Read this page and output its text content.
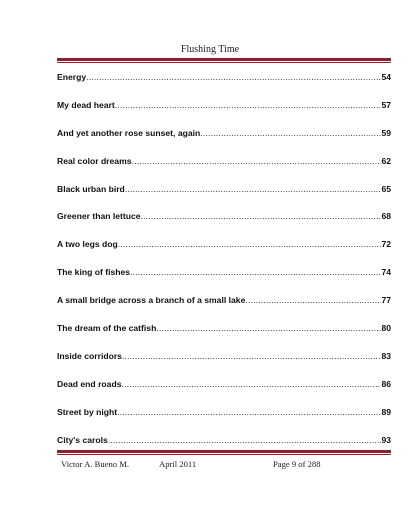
Flushing Time
Energy .....	54
My dead heart .....	57
And yet another rose sunset, again .....	59
Real color dreams .....	62
Black urban bird .....	65
Greener than lettuce .....	68
A two legs dog .....	72
The king of fishes .....	74
A small bridge across a branch of a small lake .....	77
The dream of the catfish .....	80
Inside corridors .....	83
Dead end roads .....	86
Street by night .....	89
City's carols .....	93
Victor A. Bueno M.	April 2011	Page 9 of 288
